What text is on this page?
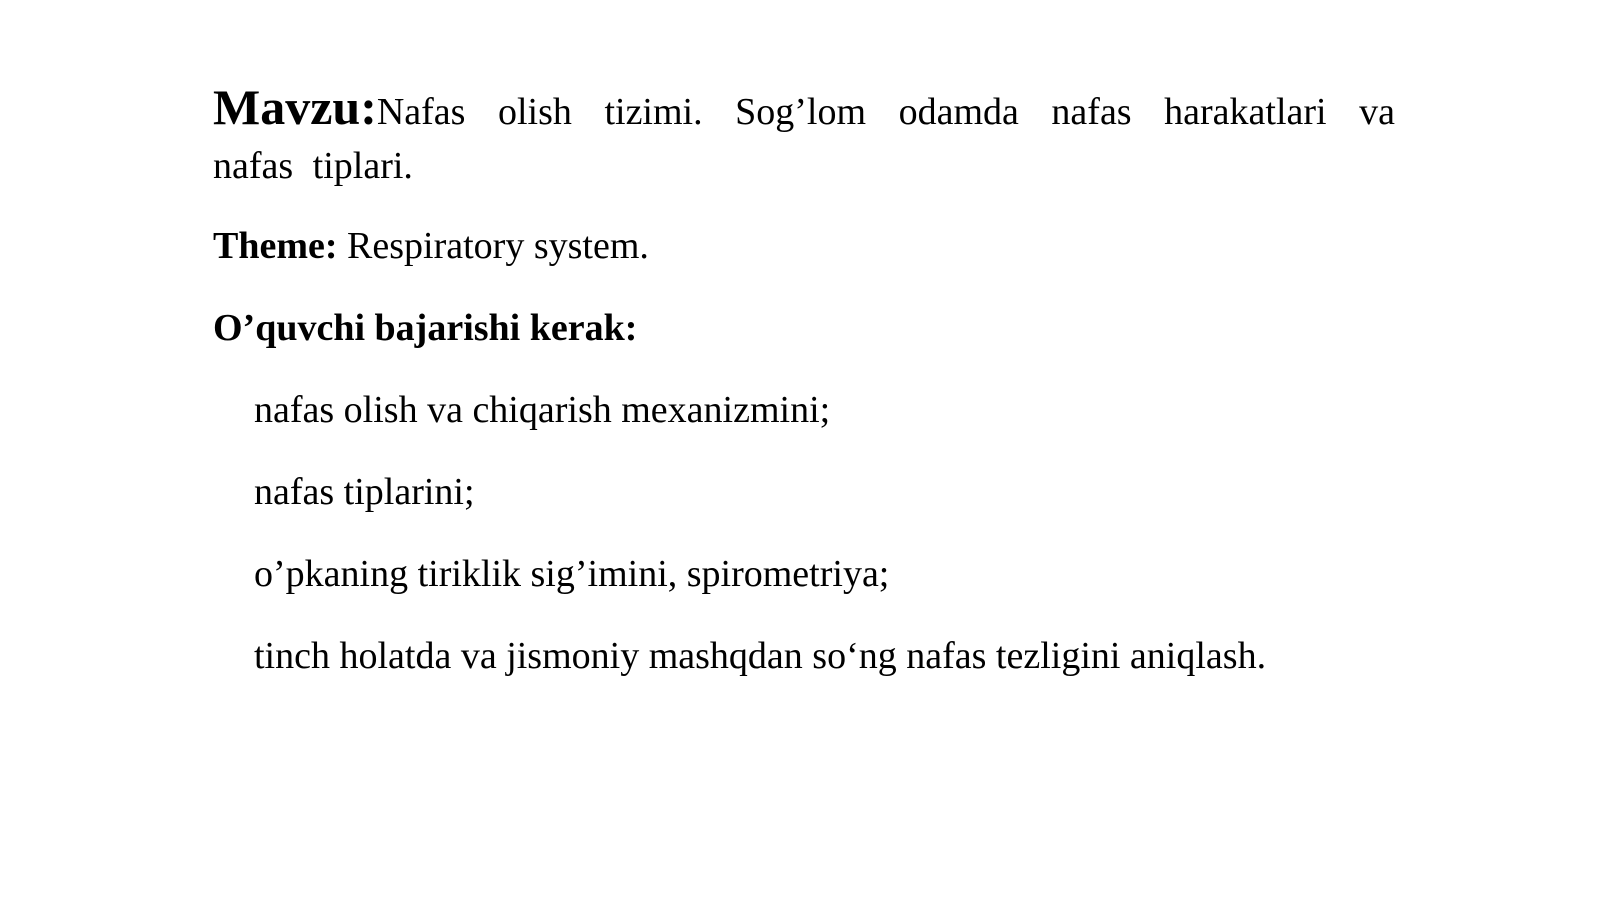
Mavzu:Nafas olish tizimi. Sog’lom odamda nafas harakatlari va nafas tiplari.

Theme: Respiratory system.

O’quvchi bajarishi kerak:

nafas olish va chiqarish mexanizmini;
nafas tiplarini;
o’pkaning tiriklik sig’imini, spirometriya;
tinch holatda va jismoniy mashqdan so‘ng nafas tezligini aniqlash.
